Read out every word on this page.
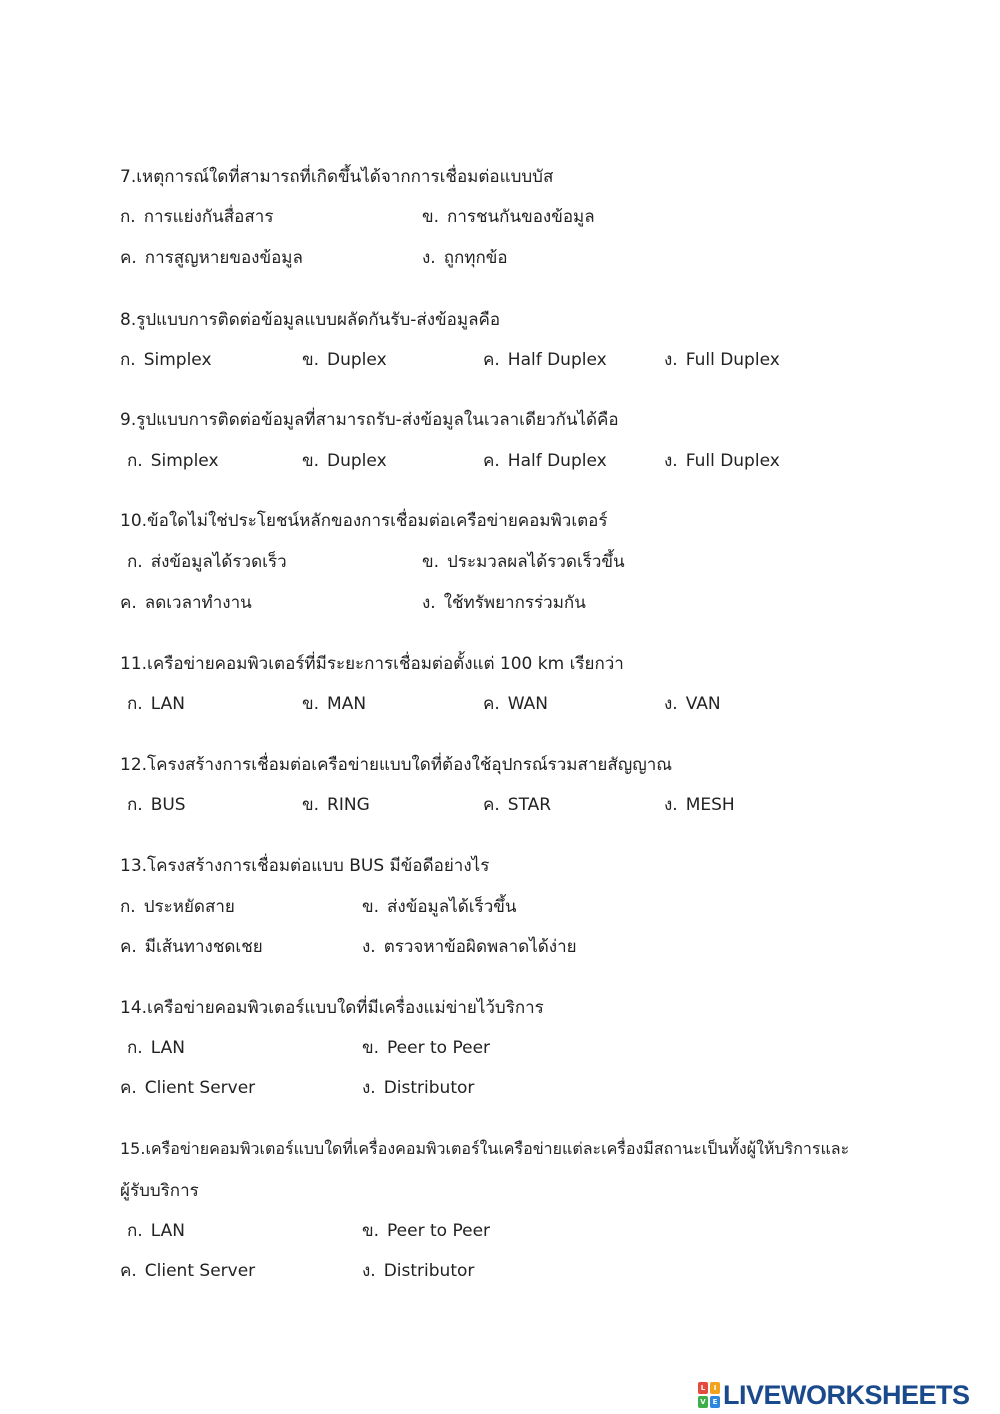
7.เหตุการณ์ใดที่สามารถที่เกิดขึ้นได้จากการเชื่อมต่อแบบบัส
ก. การแย่งกันสื่อสาร	ข. การชนกันของข้อมูล
ค. การสูญหายของข้อมูล	ง. ถูกทุกข้อ
8.รูปแบบการติดต่อข้อมูลแบบผลัดกันรับ-ส่งข้อมูลคือ
ก. Simplex	ข. Duplex	ค. Half Duplex	ง. Full Duplex
9.รูปแบบการติดต่อข้อมูลที่สามารถรับ-ส่งข้อมูลในเวลาเดียวกันได้คือ
ก. Simplex	ข. Duplex	ค. Half Duplex	ง. Full Duplex
10.ข้อใดไม่ใช่ประโยชน์หลักของการเชื่อมต่อเครือข่ายคอมพิวเตอร์
ก. ส่งข้อมูลได้รวดเร็ว	ข. ประมวลผลได้รวดเร็วขึ้น
ค. ลดเวลาทำงาน	ง. ใช้ทรัพยากรร่วมกัน
11.เครือข่ายคอมพิวเตอร์ที่มีระยะการเชื่อมต่อตั้งแต่ 100 km เรียกว่า
ก. LAN	ข. MAN	ค. WAN	ง. VAN
12.โครงสร้างการเชื่อมต่อเครือข่ายแบบใดที่ต้องใช้อุปกรณ์รวมสายสัญญาณ
ก. BUS	ข. RING	ค. STAR	ง. MESH
13.โครงสร้างการเชื่อมต่อแบบ BUS มีข้อดีอย่างไร
ก. ประหยัดสาย	ข. ส่งข้อมูลได้เร็วขึ้น
ค. มีเส้นทางชดเชย	ง. ตรวจหาข้อผิดพลาดได้ง่าย
14.เครือข่ายคอมพิวเตอร์แบบใดที่มีเครื่องแม่ข่ายไว้บริการ
ก. LAN	ข. Peer to Peer
ค. Client Server	ง. Distributor
15.เครือข่ายคอมพิวเตอร์แบบใดที่เครื่องคอมพิวเตอร์ในเครือข่ายแต่ละเครื่องมีสถานะเป็นทั้งผู้ให้บริการและ
ผู้รับบริการ
ก. LAN	ข. Peer to Peer
ค. Client Server	ง. Distributor
L	I
V E LIVEWORKSHEETS
